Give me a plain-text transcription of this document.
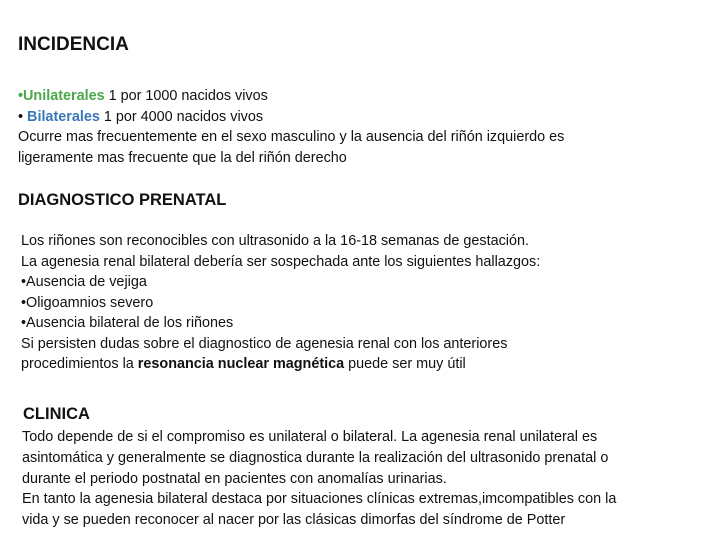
INCIDENCIA
•Unilaterales 1 por 1000 nacidos vivos
• Bilaterales 1 por 4000 nacidos vivos
Ocurre mas frecuentemente en el sexo masculino y la ausencia del riñón izquierdo es
ligeramente mas frecuente que la del riñón derecho
DIAGNOSTICO PRENATAL
Los riñones son reconocibles con ultrasonido a la 16-18 semanas de gestación.
La agenesia renal bilateral debería ser sospechada ante los siguientes hallazgos:
•Ausencia de vejiga
•Oligoamnios severo
•Ausencia bilateral de los riñones
Si persisten dudas sobre el diagnostico de agenesia renal con los anteriores
procedimientos la resonancia nuclear magnética puede ser muy útil
CLINICA
Todo depende de si el compromiso es unilateral o bilateral. La agenesia renal unilateral es
asintomática y generalmente se diagnostica durante la realización del ultrasonido prenatal o
durante el periodo postnatal en pacientes con anomalías urinarias.
En tanto la agenesia bilateral destaca por situaciones clínicas extremas,imcompatibles con la
vida y se pueden reconocer al nacer por las clásicas dimorfas del síndrome de Potter
